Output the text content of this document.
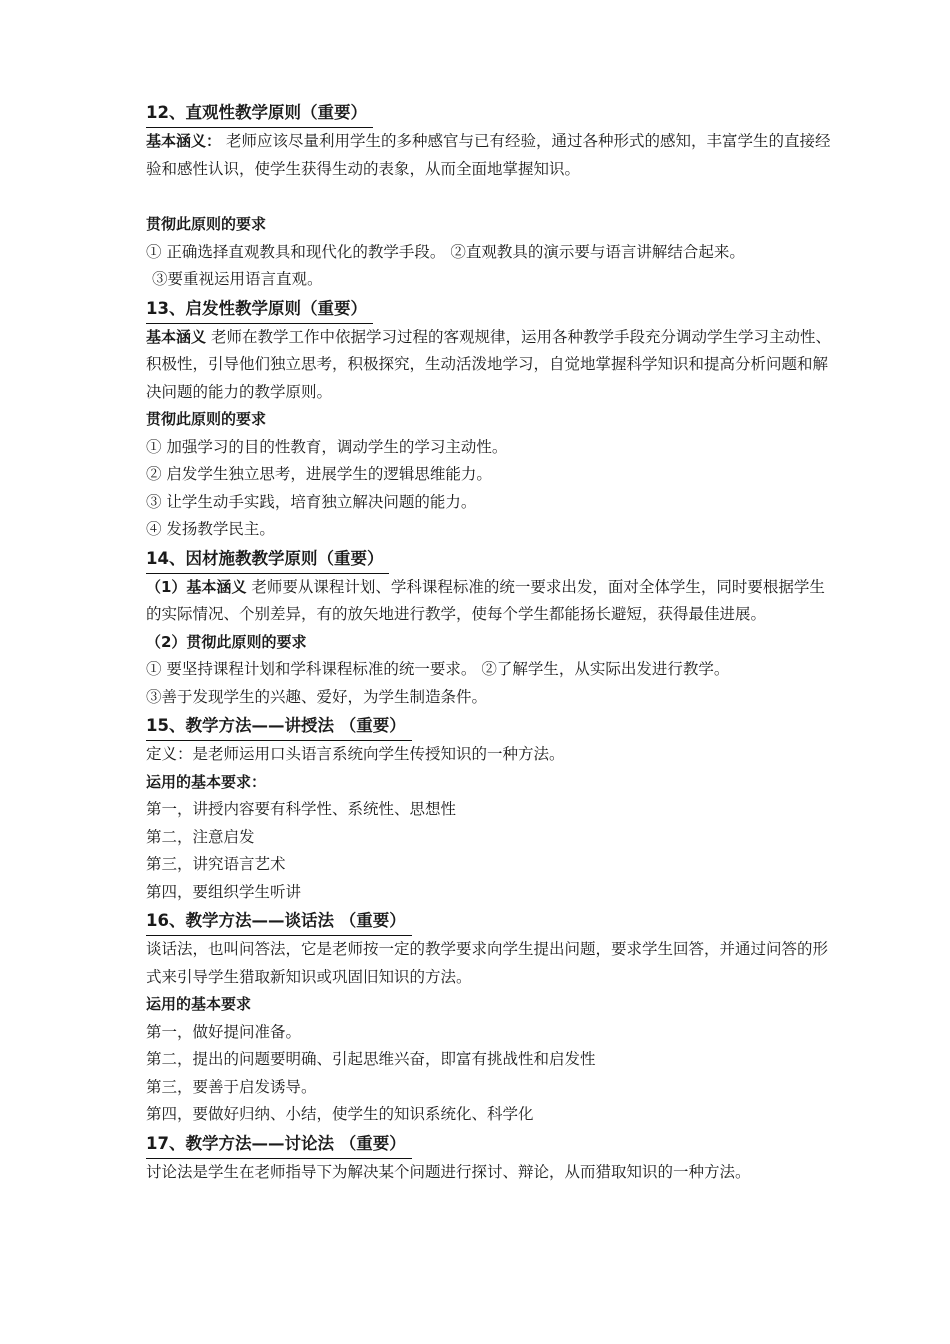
12、直观性教学原则（重要）
基本涵义： 老师应该尽量利用学生的多种感官与已有经验，通过各种形式的感知，丰富学生的直接经验和感性认识，使学生获得生动的表象，从而全面地掌握知识。
贯彻此原则的要求
① 正确选择直观教具和现代化的教学手段。 ②直观教具的演示要与语言讲解结合起来。
③要重视运用语言直观。
13、启发性教学原则（重要）
基本涵义 老师在教学工作中依据学习过程的客观规律，运用各种教学手段充分调动学生学习主动性、积极性，引导他们独立思考，积极探究，生动活泼地学习，自觉地掌握科学知识和提高分析问题和解决问题的能力的教学原则。
贯彻此原则的要求
① 加强学习的目的性教育，调动学生的学习主动性。
② 启发学生独立思考，进展学生的逻辑思维能力。
③ 让学生动手实践，培育独立解决问题的能力。
④ 发扬教学民主。
14、因材施教教学原则（重要）
（1）基本涵义 老师要从课程计划、学科课程标准的统一要求出发，面对全体学生，同时要根据学生的实际情况、个别差异，有的放矢地进行教学，使每个学生都能扬长避短，获得最佳进展。
（2）贯彻此原则的要求
① 要坚持课程计划和学科课程标准的统一要求。 ②了解学生，从实际出发进行教学。
③善于发现学生的兴趣、爱好，为学生制造条件。
15、教学方法——讲授法 （重要）
定义：是老师运用口头语言系统向学生传授知识的一种方法。
运用的基本要求：
第一，讲授内容要有科学性、系统性、思想性
第二，注意启发
第三，讲究语言艺术
第四，要组织学生听讲
16、教学方法——谈话法 （重要）
谈话法，也叫问答法，它是老师按一定的教学要求向学生提出问题，要求学生回答，并通过问答的形式来引导学生猎取新知识或巩固旧知识的方法。
运用的基本要求
第一，做好提问准备。
第二，提出的问题要明确、引起思维兴奋，即富有挑战性和启发性
第三，要善于启发诱导。
第四，要做好归纳、小结，使学生的知识系统化、科学化
17、教学方法——讨论法 （重要）
讨论法是学生在老师指导下为解决某个问题进行探讨、辩论，从而猎取知识的一种方法。
